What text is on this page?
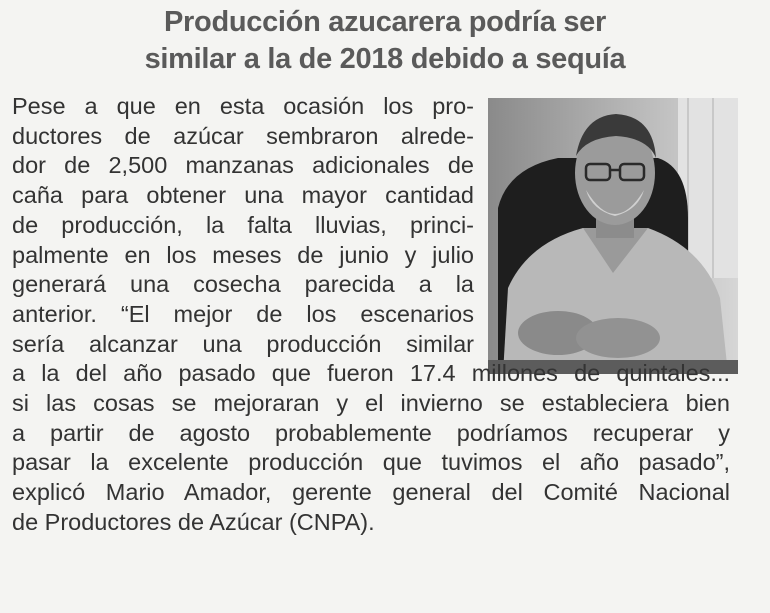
Producción azucarera podría ser
similar a la de 2018 debido a sequía
Pese a que en esta ocasión los pro-
ductores de azúcar sembraron alrede-
dor de 2,500 manzanas adicionales de
caña para obtener una mayor cantidad
de producción, la falta lluvias, princi-
palmente en los meses de junio y julio
generará una cosecha parecida a la
anterior. “El mejor de los escenarios
sería alcanzar una producción similar
a la del año pasado que fueron 17.4 millones de quintales...
si las cosas se mejoraran y el invierno se estableciera bien
a partir de agosto probablemente podríamos recuperar y
pasar la excelente producción que tuvimos el año pasado”,
explicó Mario Amador, gerente general del Comité Nacional
de Productores de Azúcar (CNPA).
